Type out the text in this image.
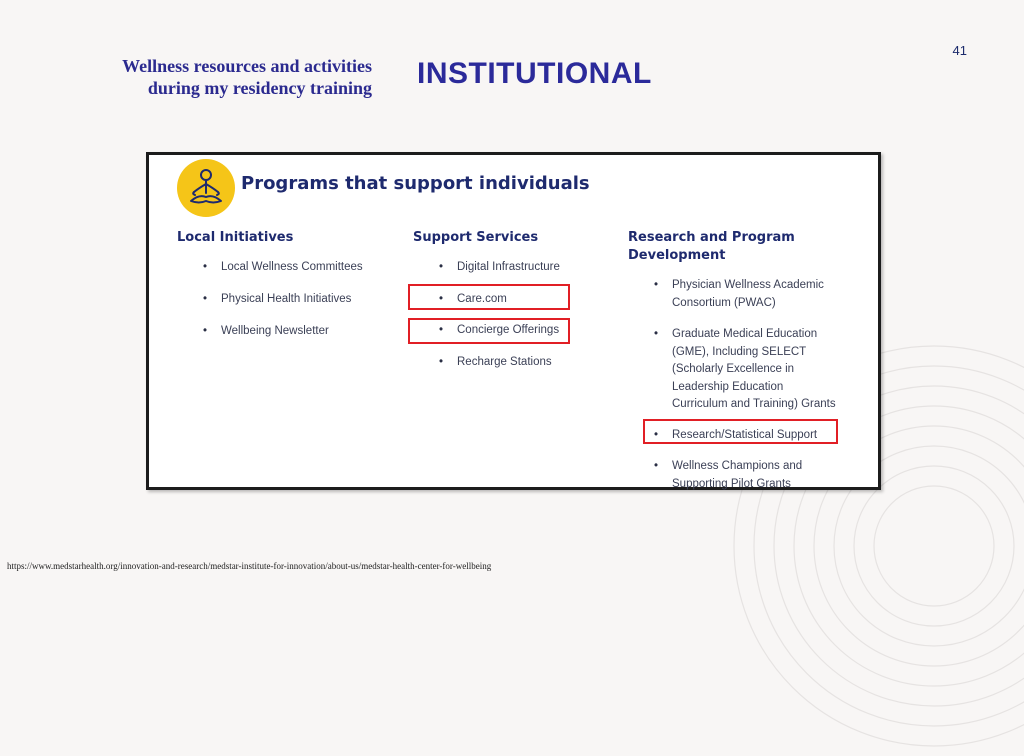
41
Wellness resources and activities
during my residency training INSTITUTIONAL
Programs that support individuals

Local Initiatives

• Local Wellness Committees
• Physical Health Initiatives
• Wellbeing Newsletter

Support Services

• Digital Infrastructure
• Care.com
• Concierge Offerings
• Recharge Stations

Research and Program
Development

• Physician Wellness Academic
Consortium (PWAC)
• Graduate Medical Education
(GME), Including SELECT
(Scholarly Excellence in
Leadership Education
Curriculum and Training) Grants
• Research/Statistical Support
• Wellness Champions and
Supporting Pilot Grants
https://www.medstarhealth.org/innovation-and-research/medstar-institute-for-innovation/about-us/medstar-health-center-for-wellbeing
